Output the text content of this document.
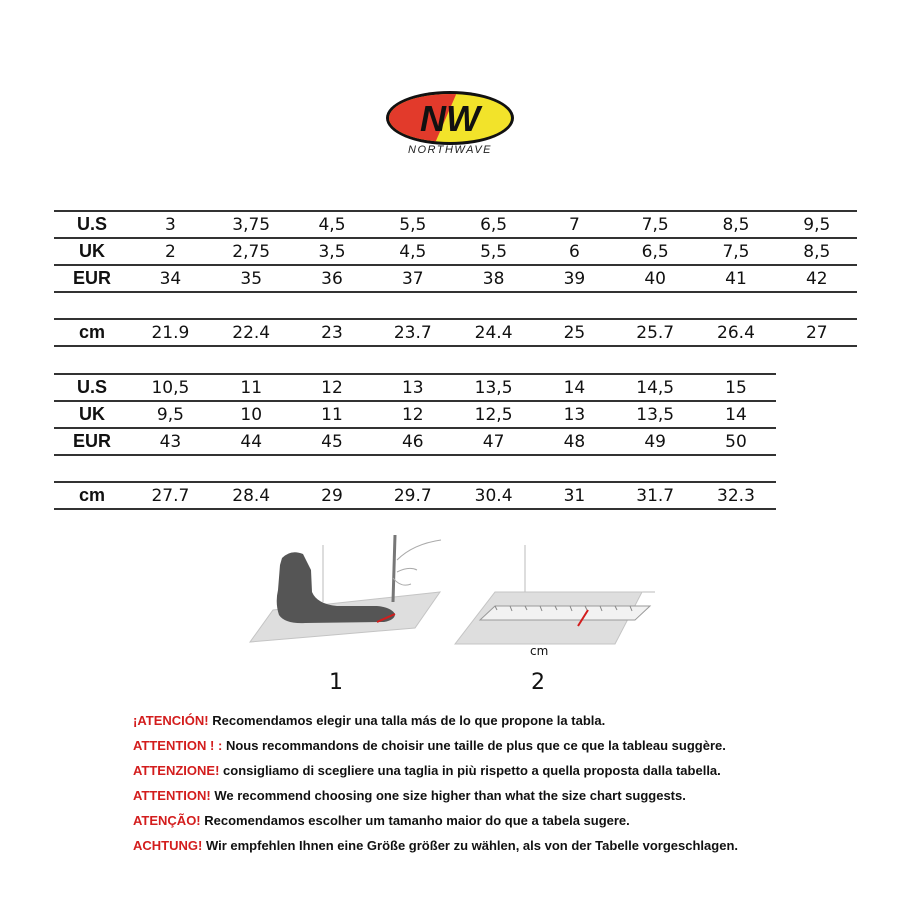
NW
NORTHWAVE
U.S	3	3,75	4,5	5,5	6,5	7	7,5	8,5	9,5
UK	2	2,75	3,5	4,5	5,5	6	6,5	7,5	8,5
EUR	34	35	36	37	38	39	40	41	42

cm	21.9	22.4	23	23.7	24.4	25	25.7	26.4	27
U.S	10,5	11	12	13	13,5	14	14,5	15
UK	9,5	10	11	12	12,5	13	13,5	14
EUR	43	44	45	46	47	48	49	50

cm	27.7	28.4	29	29.7	30.4	31	31.7	32.3
cm
1	2
¡ATENCIÓN! Recomendamos elegir una talla más de lo que propone la tabla.
ATTENTION ! : Nous recommandons de choisir une taille de plus que ce que la tableau suggère.
ATTENZIONE! consigliamo di scegliere una taglia in più rispetto a quella proposta dalla tabella.
ATTENTION! We recommend choosing one size higher than what the size chart suggests.
ATENÇÃO! Recomendamos escolher um tamanho maior do que a tabela sugere.
ACHTUNG! Wir empfehlen Ihnen eine Größe größer zu wählen, als von der Tabelle vorgeschlagen.
